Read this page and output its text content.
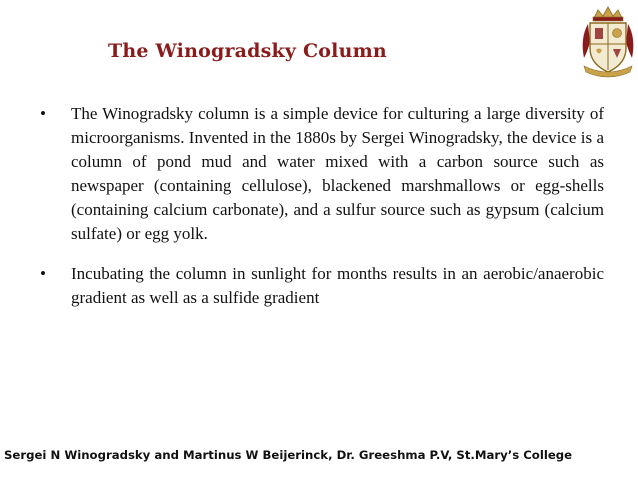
The Winogradsky Column
•	The Winogradsky column is a simple device for culturing a large diversity of microorganisms. Invented in the 1880s by Sergei Winogradsky, the device is a column of pond mud and water mixed with a carbon source such as newspaper (containing cellulose), blackened marshmallows or egg-shells (containing calcium carbonate), and a sulfur source such as gypsum (calcium sulfate) or egg yolk.
•	Incubating the column in sunlight for months results in an aerobic/anaerobic gradient as well as a sulfide gradient
Sergei N Winogradsky and Martinus W Beijerinck, Dr. Greeshma P.V, St.Mary’s College
